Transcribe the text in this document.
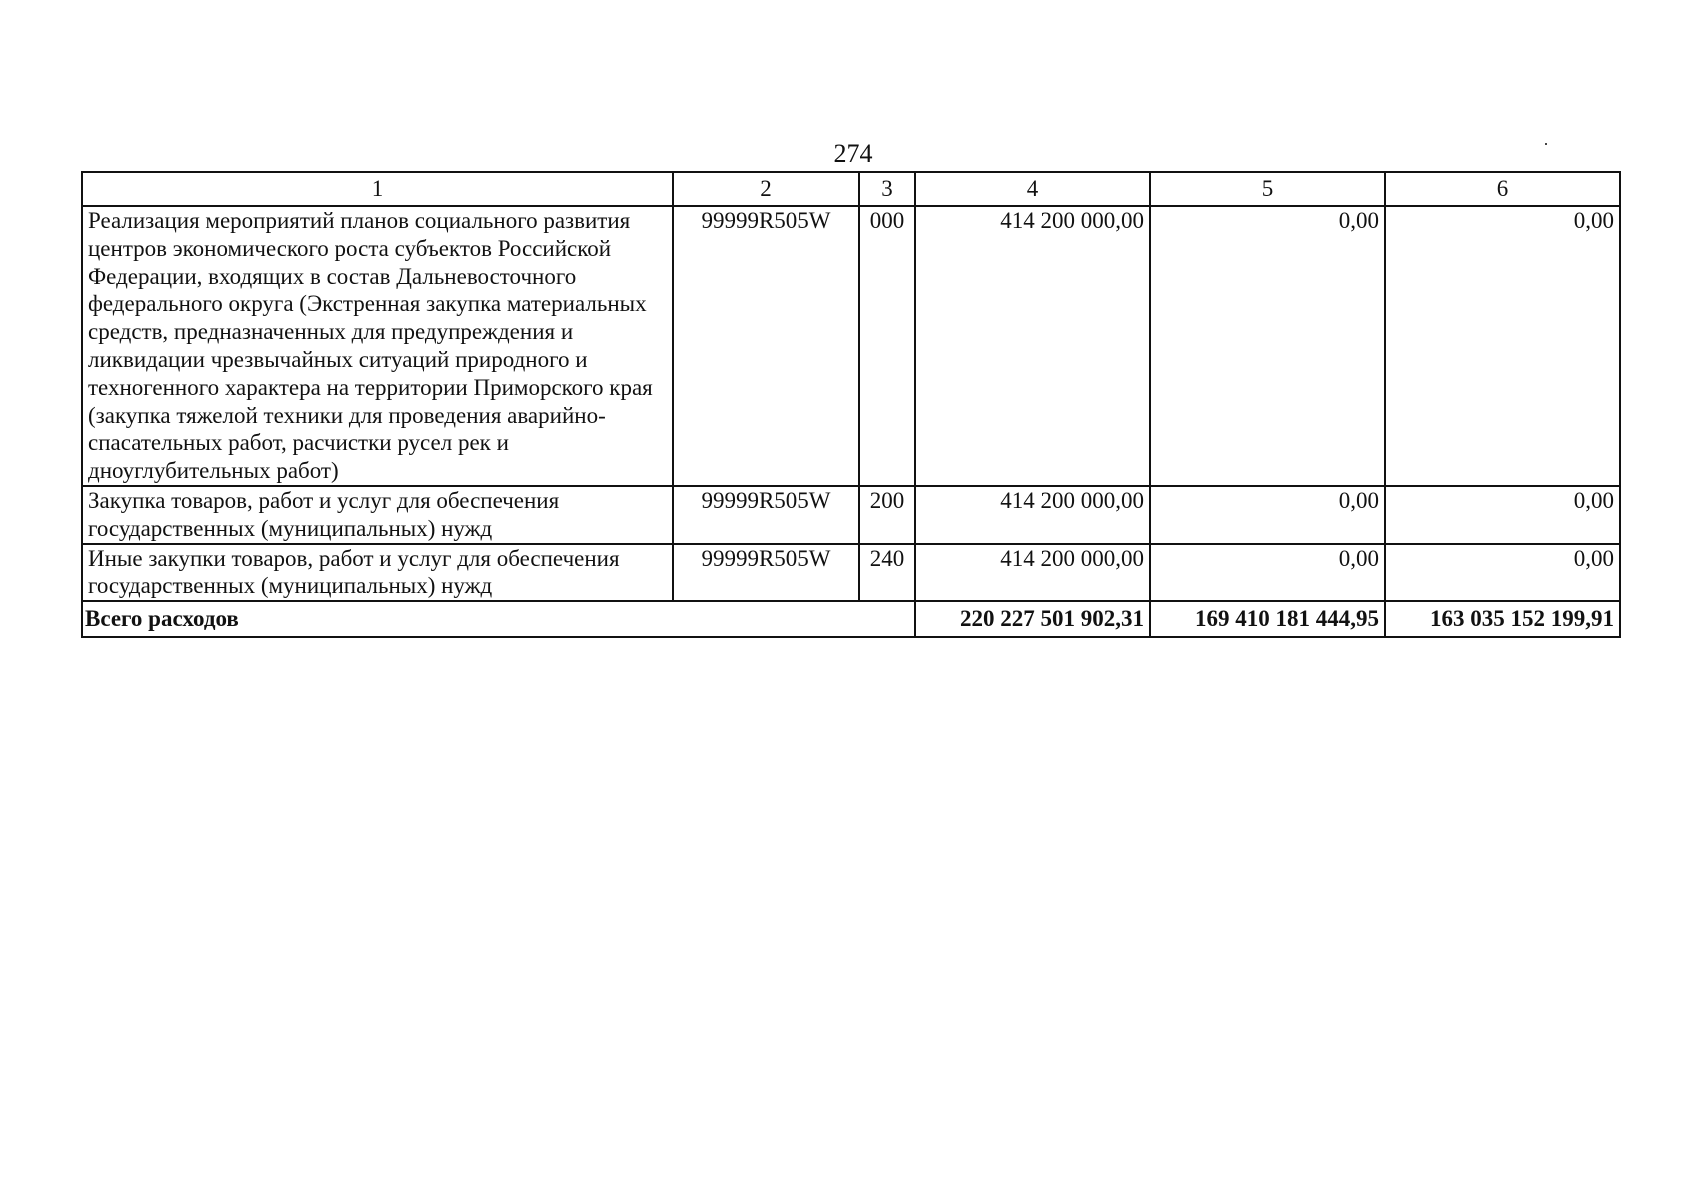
274
1	2	3	4	5	6
Реализация мероприятий планов социального развития центров экономического роста субъектов Российской Федерации, входящих в состав Дальневосточного федерального округа (Экстренная закупка материальных средств, предназначенных для предупреждения и ликвидации чрезвычайных ситуаций природного и техногенного характера на территории Приморского края (закупка тяжелой техники для проведения аварийно-спасательных работ, расчистки русел рек и дноуглубительных работ)	99999R505W	000	414 200 000,00	0,00	0,00
Закупка товаров, работ и услуг для обеспечения государственных (муниципальных) нужд	99999R505W	200	414 200 000,00	0,00	0,00
Иные закупки товаров, работ и услуг для обеспечения государственных (муниципальных) нужд	99999R505W	240	414 200 000,00	0,00	0,00
Всего расходов			220 227 501 902,31	169 410 181 444,95	163 035 152 199,91
